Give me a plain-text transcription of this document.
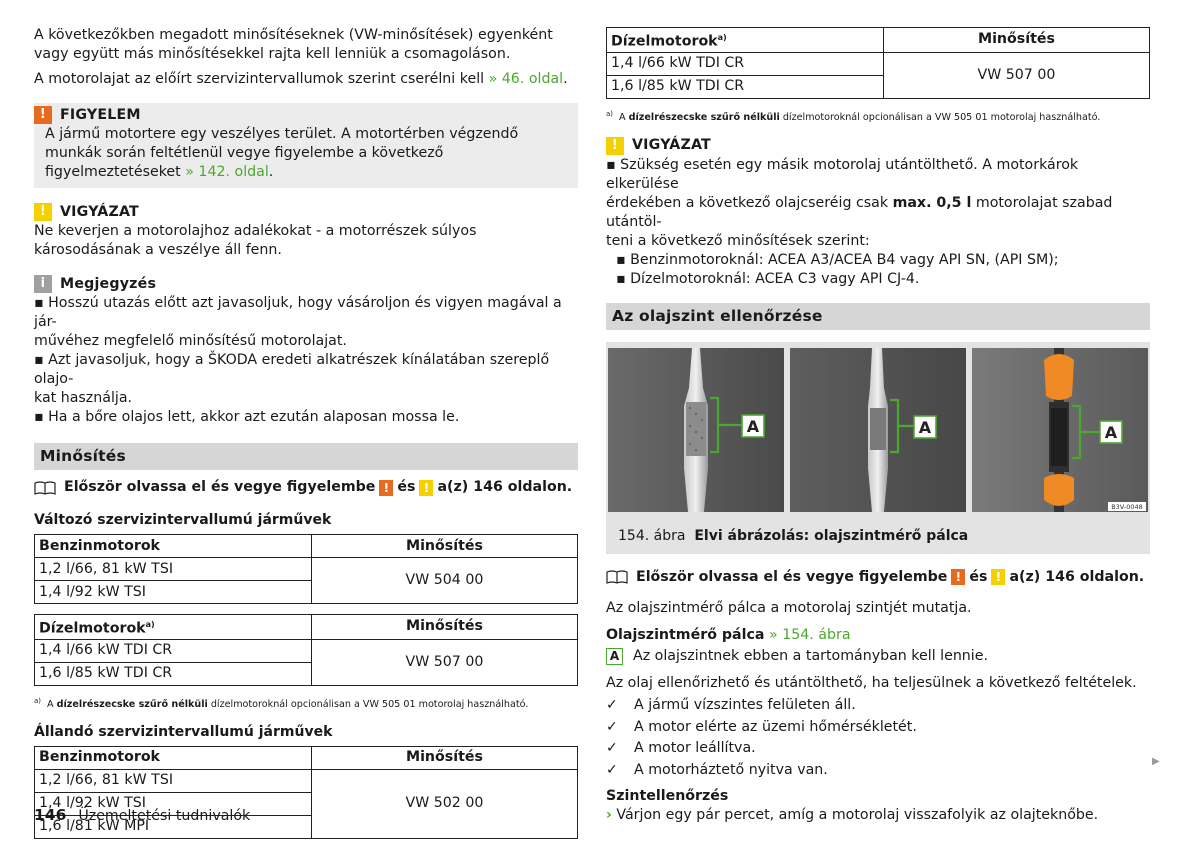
A következőkben megadott minősítéseknek (VW-minősítések) egyenként vagy együtt más minősítésekkel rajta kell lenniük a csomagoláson.

A motorolajat az előírt szervizintervallumok szerint cserélni kell » 46. oldal.

! FIGYELEM
A jármű motortere egy veszélyes terület. A motortérben végzendő munkák során feltétlenül vegye figyelembe a következő figyelmeztetéseket » 142. oldal.
! VIGYÁZAT

Ne keverjen a motorolajhoz adalékokat - a motorrészek súlyos károsodásának a veszélye áll fenn.

i	Megjegyzés

▪ Hosszú utazás előtt azt javasoljuk, hogy vásároljon és vigyen magával a jár-

művéhez megfelelő minősítésű motorolajat.

▪ Azt javasoljuk, hogy a ŠKODA eredeti alkatrészek kínálatában szereplő olajo-

kat használja.

▪ Ha a bőre olajos lett, akkor azt ezután alaposan mossa le.

Minősítés
Először olvassa el és vegye figyelembe ! és ! a(z) 146 oldalon.
Változó szervizintervallumú járművek
Benzinmotorok	Minősítés
1,2 l/66, 81 kW TSI	VW 504 00
1,4 l/92 kW TSI	
Dízelmotorok$^{a)}$	Minősítés
1,4 l/66 kW TDI CR	VW 507 00
1,6 l/85 kW TDI CR	

$^{a)}$ A dízelrészecske szűrő nélküli dízelmotoroknál opcionálisan a VW 505 01 motorolaj használható.

Állandó szervizintervallumú járművek
Benzinmotorok	Minősítés
1,2 l/66, 81 kW TSI	VW 502 00
1,4 l/92 kW TSI	
1,6 l/81 kW MPI	
Dízelmotorok$^{a)}$	Minősítés
1,4 l/66 kW TDI CR	VW 507 00
1,6 l/85 kW TDI CR	

$^{a)}$ A dízelrészecske szűrő nélküli dízelmotoroknál opcionálisan a VW 505 01 motorolaj használható.

! VIGYÁZAT

▪ Szükség esetén egy másik motorolaj utántölthető. A motorkárok elkerülése

érdekében a következő olajcseréig csak max. 0,5 l motorolajat szabad utántöl-

teni a következő minősítések szerint:

▪ Benzinmotoroknál: ACEA A3/ACEA B4 vagy API SN, (API SM);

▪ Dízelmotoroknál: ACEA C3 vagy API CJ-4.

Az olajszint ellenőrzése
A	A	A
B3V-0048
154. ábra Elvi ábrázolás: olajszintmérő pálca
Először olvassa el és vegye figyelembe ! és ! a(z) 146 oldalon.

Az olajszintmérő pálca a motorolaj szintjét mutatja.

Olajszintmérő pálca » 154. ábra

A Az olajszintnek ebben a tartományban kell lennie.

Az olaj ellenőrizhető és utántölthető, ha teljesülnek a következő feltételek.

✓	A jármű vízszintes felületen áll.
✓	A motor elérte az üzemi hőmérsékletét.
✓	A motor leállítva.
✓	A motorháztető nyitva van.

Szintellenőrzés

› Várjon egy pár percet, amíg a motorolaj visszafolyik az olajteknőbe.

▶
146 Üzemeltetési tudnivalók
